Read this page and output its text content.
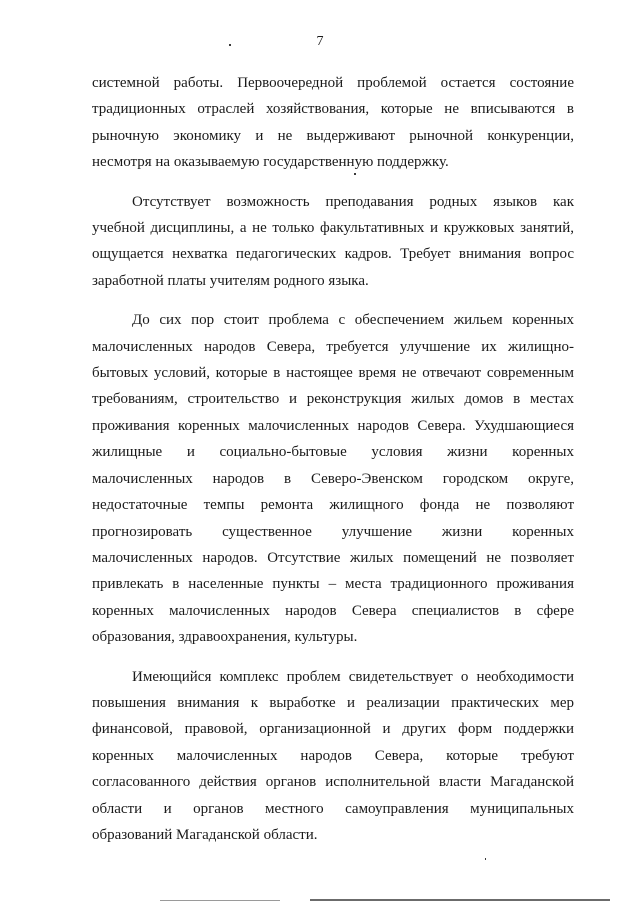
7
системной работы. Первоочередной проблемой остается состояние
традиционных отраслей хозяйствования, которые не вписываются в
рыночную экономику и не выдерживают рыночной конкуренции,
несмотря на оказываемую государственную поддержку.
Отсутствует возможность преподавания родных языков как
учебной дисциплины, а не только факультативных и кружковых занятий,
ощущается нехватка педагогических кадров. Требует внимания вопрос
заработной платы учителям родного языка.
До сих пор стоит проблема с обеспечением жильем коренных
малочисленных народов Севера, требуется улучшение их жилищно-
бытовых условий, которые в настоящее время не отвечают современным
требованиям, строительство и реконструкция жилых домов в местах
проживания коренных малочисленных народов Севера. Ухудшающиеся
жилищные и социально-бытовые условия жизни коренных
малочисленных народов в Северо-Эвенском городском округе,
недостаточные темпы ремонта жилищного фонда не позволяют
прогнозировать существенное улучшение жизни коренных
малочисленных народов. Отсутствие жилых помещений не позволяет
привлекать в населенные пункты – места традиционного проживания
коренных малочисленных народов Севера специалистов в сфере
образования, здравоохранения, культуры.
Имеющийся комплекс проблем свидетельствует о необходимости
повышения внимания к выработке и реализации практических мер
финансовой, правовой, организационной и других форм поддержки
коренных малочисленных народов Севера, которые требуют
согласованного действия органов исполнительной власти Магаданской
области и органов местного самоуправления муниципальных
образований Магаданской области.
